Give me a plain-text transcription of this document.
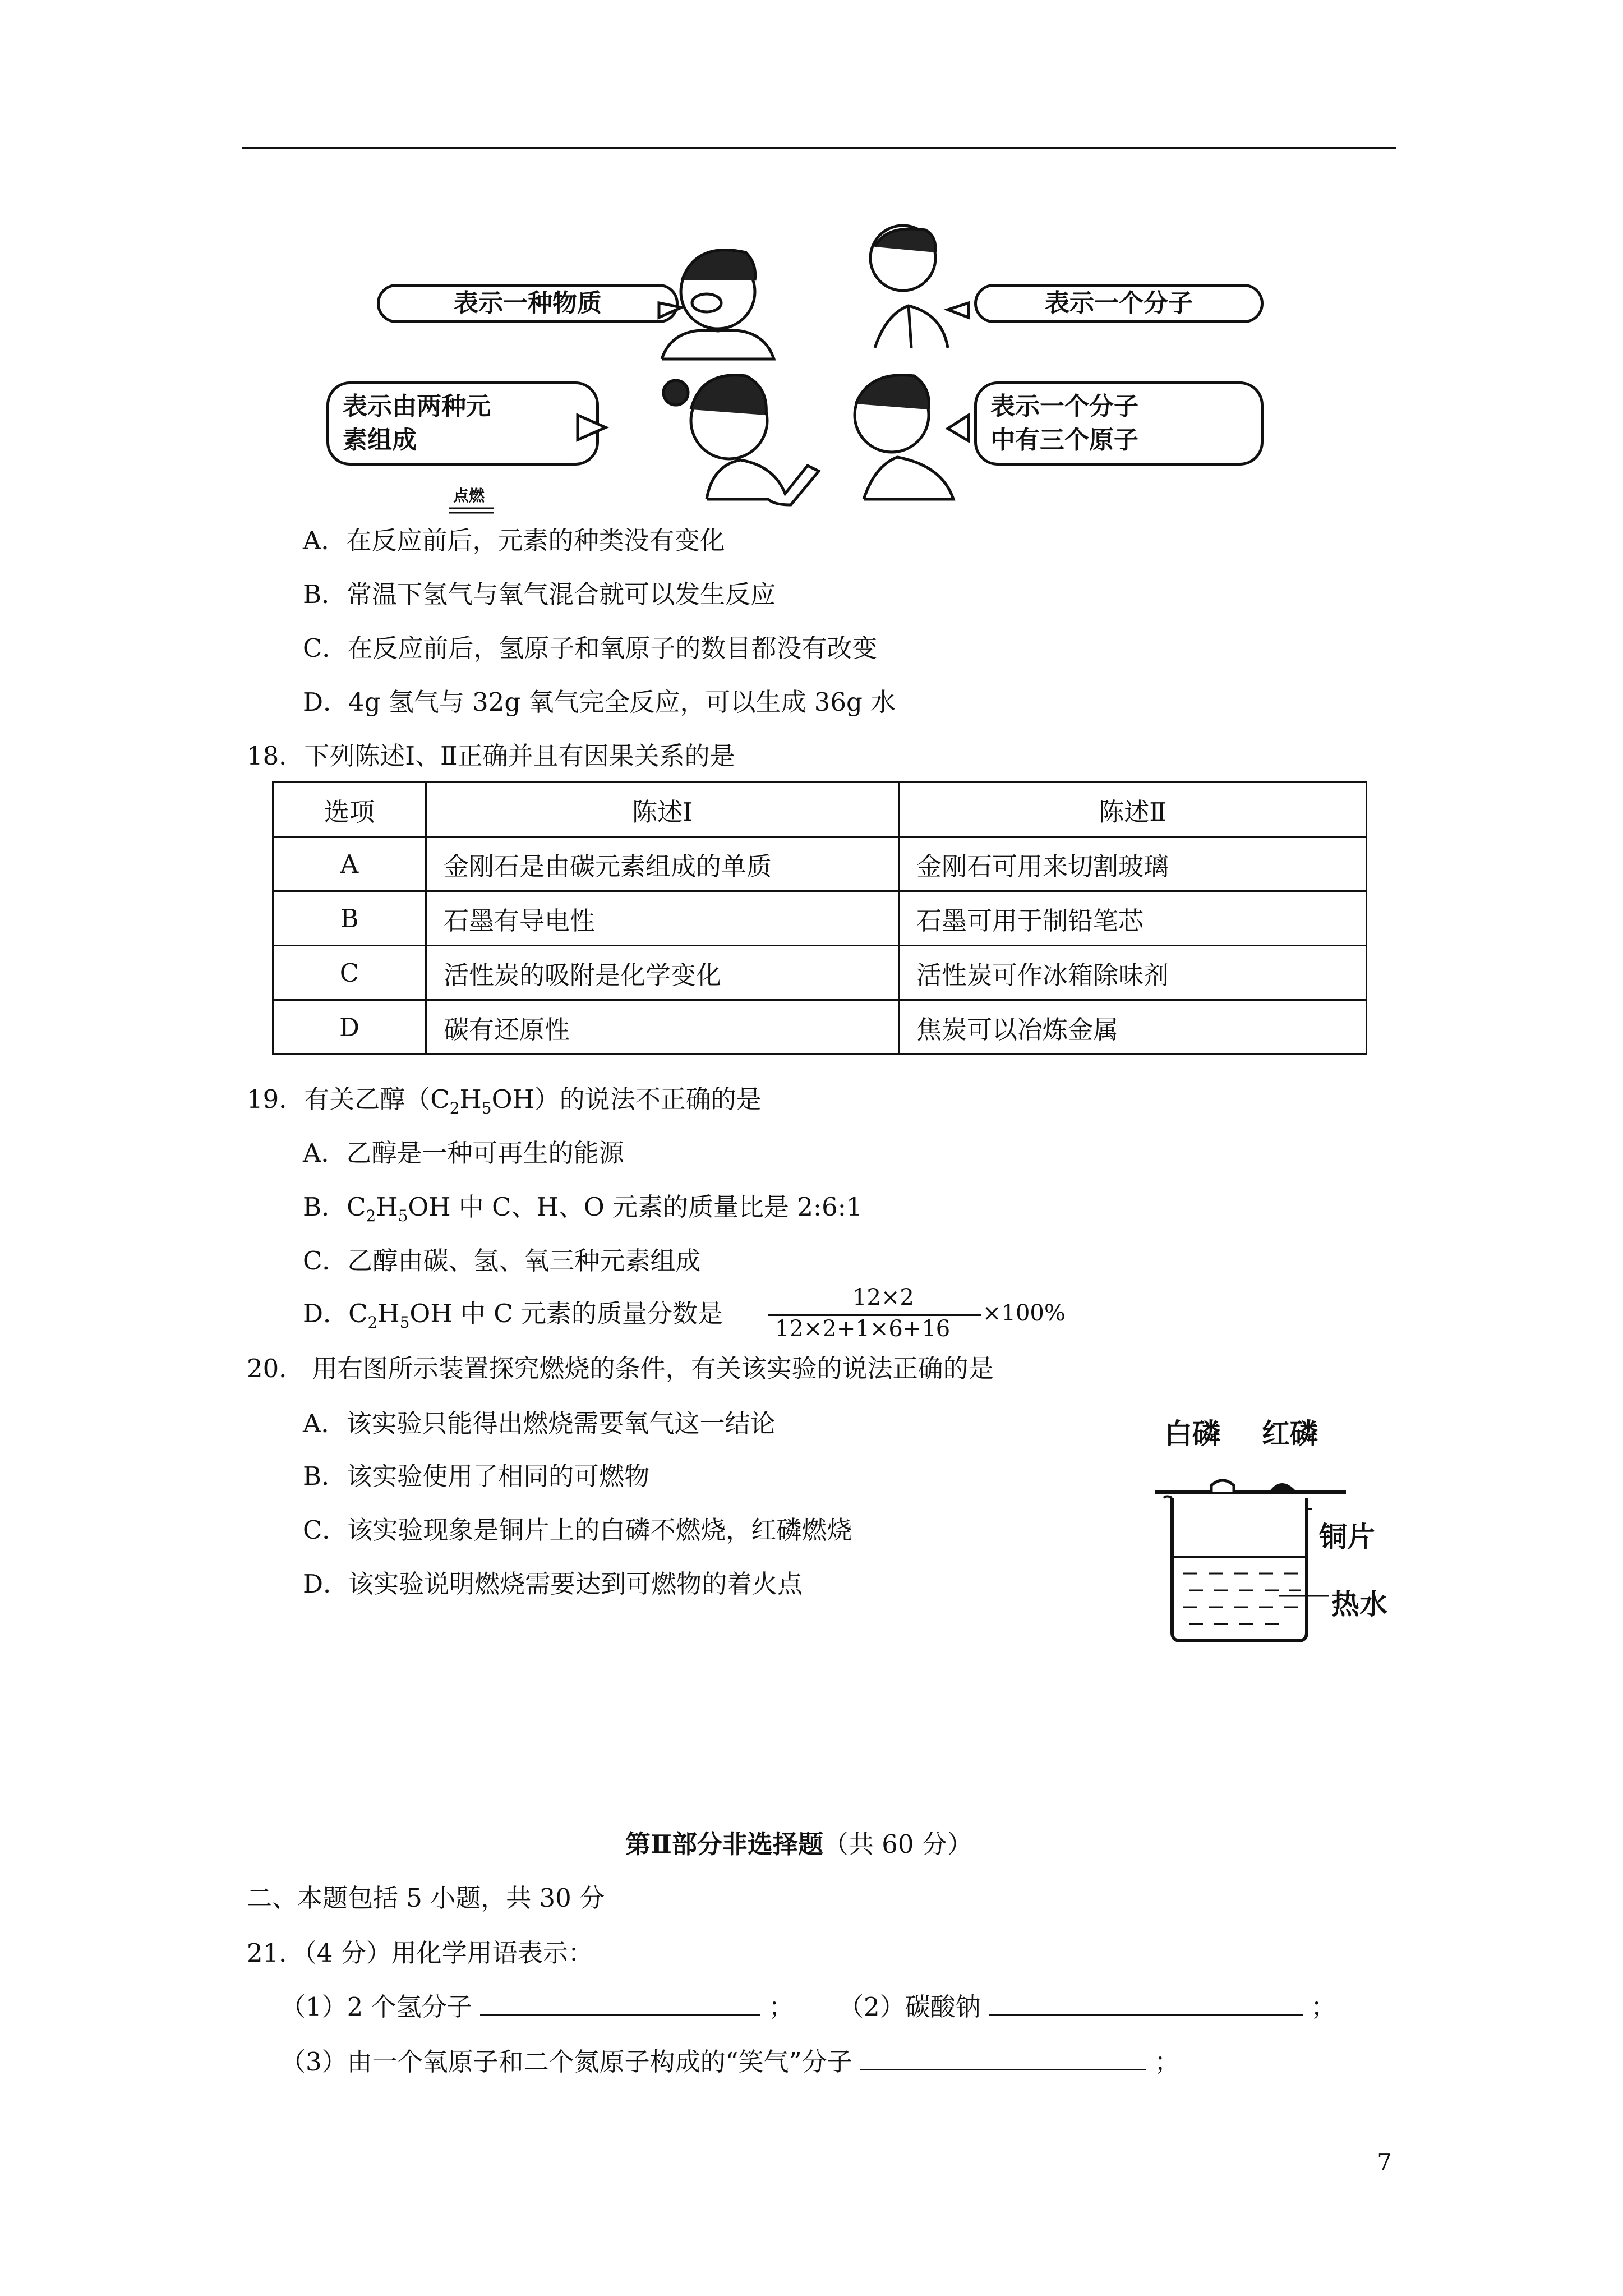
表示一种物质	表示一个分子
表示由两种元
素组成
表示一个分子
中有三个原子
点燃
A．在反应前后，元素的种类没有变化
B．常温下氢气与氧气混合就可以发生反应
C．在反应前后，氢原子和氧原子的数目都没有改变
D．4g 氢气与 32g 氧气完全反应，可以生成 36g 水
18．下列陈述Ⅰ、Ⅱ正确并且有因果关系的是
选项	陈述Ⅰ	陈述Ⅱ
A	金刚石是由碳元素组成的单质	金刚石可用来切割玻璃
B	石墨有导电性	石墨可用于制铅笔芯
C	活性炭的吸附是化学变化	活性炭可作冰箱除味剂
D	碳有还原性	焦炭可以冶炼金属
19．有关乙醇$(C_2H_5OH)$的说法不正确的是
A．乙醇是一种可再生的能源
B．$C_2H_5OH$ 中 C、H、O 元素的质量比是 2:6:1
C．乙醇由碳、氢、氧三种元素组成
D．$C_2H_5OH$ 中 C 元素的质量分数是
12×2
12×2+1×6+16
×100%
20． 用右图所示装置探究燃烧的条件，有关该实验的说法正确的是
A．该实验只能得出燃烧需要氧气这一结论
B．该实验使用了相同的可燃物
C．该实验现象是铜片上的白磷不燃烧，红磷燃烧
D．该实验说明燃烧需要达到可燃物的着火点
白磷 红磷
铜片
热水
第Ⅱ部分非选择题（共 60 分）
二、本题包括 5 小题，共 30 分
21．（4 分）用化学用语表示：
（1）2 个氢分子	； （2）碳酸钠	；
（3）由一个氧原子和二个氮原子构成的“笑气”分子	；
7
